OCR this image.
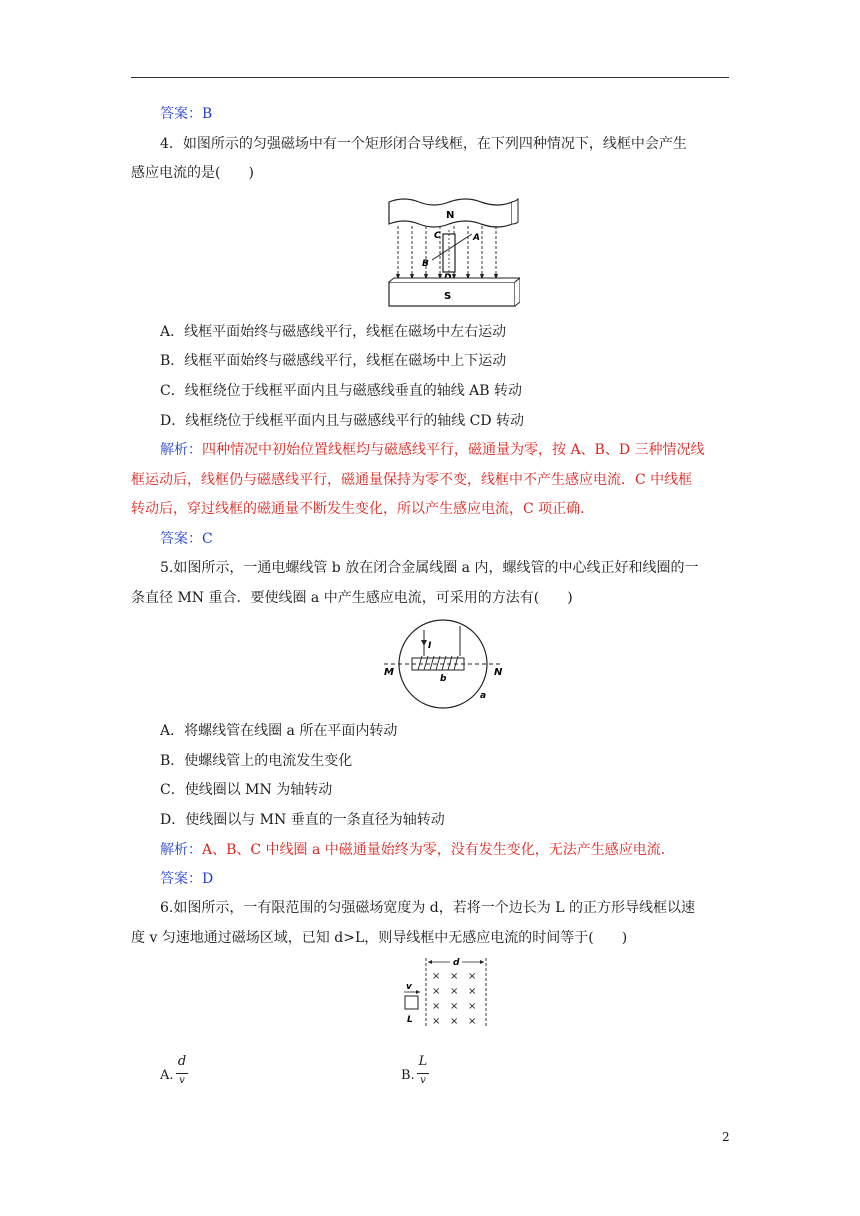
答案：B
4．如图所示的匀强磁场中有一个矩形闭合导线框，在下列四种情况下，线框中会产生
感应电流的是(　　)
N
C	A
B
S
A．线框平面始终与磁感线平行，线框在磁场中左右运动
B．线框平面始终与磁感线平行，线框在磁场中上下运动
C．线框绕位于线框平面内且与磁感线垂直的轴线 AB 转动
D．线框绕位于线框平面内且与磁感线平行的轴线 CD 转动
解析：四种情况中初始位置线框均与磁感线平行，磁通量为零，按 A、B、D 三种情况线
框运动后，线框仍与磁感线平行，磁通量保持为零不变，线框中不产生感应电流．C 中线框
转动后，穿过线框的磁通量不断发生变化，所以产生感应电流，C 项正确．
答案：C
5.如图所示，一通电螺线管 b 放在闭合金属线圈 a 内，螺线管的中心线正好和线圈的一
条直径 MN 重合．要使线圈 a 中产生感应电流，可采用的方法有(　　)
I
b
M	N
a
A．将螺线管在线圈 a 所在平面内转动
B．使螺线管上的电流发生变化
C．使线圈以 MN 为轴转动
D．使线圈以与 MN 垂直的一条直径为轴转动
解析：A、B、C 中线圈 a 中磁通量始终为零，没有发生变化，无法产生感应电流．
答案：D
6.如图所示，一有限范围的匀强磁场宽度为 d，若将一个边长为 L 的正方形导线框以速
度 v 匀速地通过磁场区域，已知 d>L，则导线框中无感应电流的时间等于(　　)
d
× × ×
× × ×
× × ×
× × ×
v
L
A.
d
v	B.
L
v
2
